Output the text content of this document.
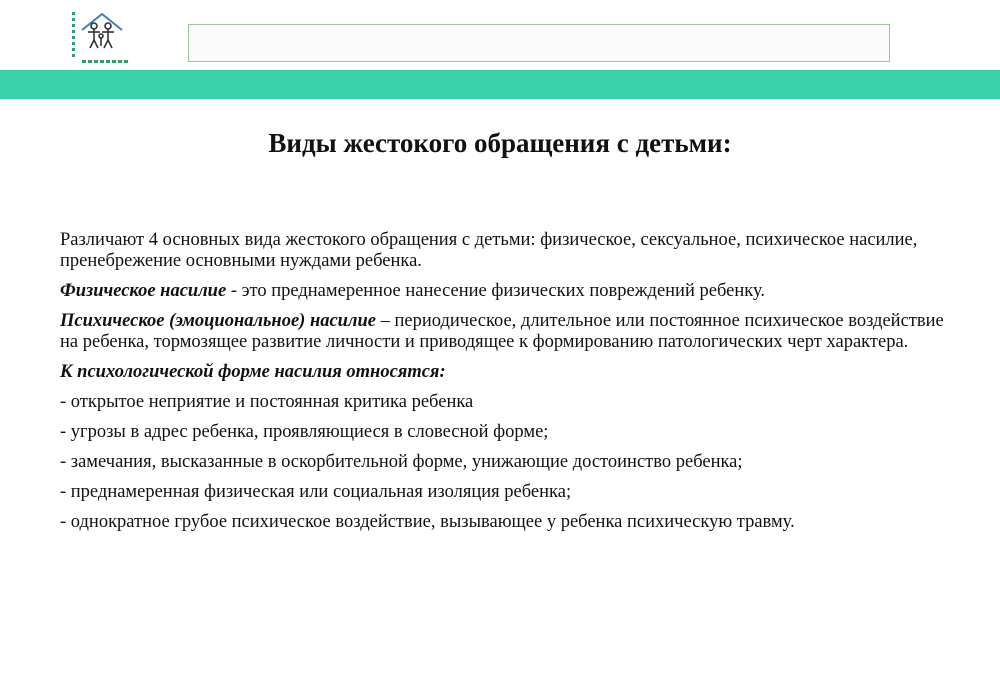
Виды жестокого обращения с детьми:

Различают 4 основных вида жестокого обращения с детьми: физическое, сексуальное, психическое насилие, пренебрежение основными нуждами ребенка.

Физическое насилие - это преднамеренное нанесение физических повреждений ребенку.

Психическое (эмоциональное) насилие – периодическое, длительное или постоянное психическое воздействие на ребенка, тормозящее развитие личности и приводящее к формированию патологических черт характера.

К психологической форме насилия относятся:

- открытое неприятие и постоянная критика ребенка

- угрозы в адрес ребенка, проявляющиеся в словесной форме;

- замечания, высказанные в оскорбительной форме, унижающие достоинство ребенка;

- преднамеренная физическая или социальная изоляция ребенка;

- однократное грубое психическое воздействие, вызывающее у ребенка психическую травму.
